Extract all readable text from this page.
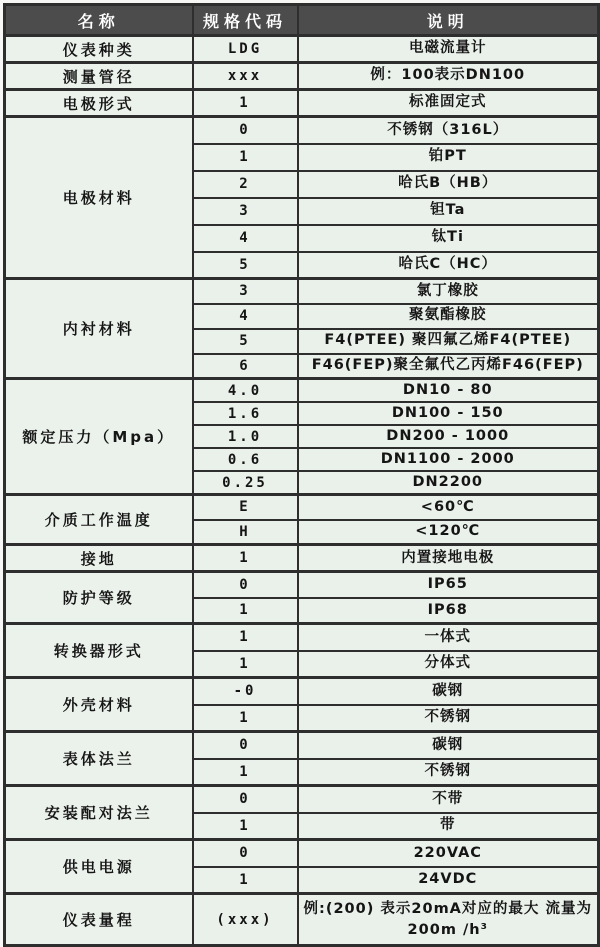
名称	规格代码	说明
仪表种类	LDG	电磁流量计
测量管径	xxx	例：100表示DN100
电极形式	1	标准固定式
电极材料	0	不锈钢（316L）
	1	铂PT
	2	哈氏B（HB）
	3	钽Ta
	4	钛Ti
	5	哈氏C（HC）
内衬材料	3	氯丁橡胶
	4	聚氨酯橡胶
	5	F4(PTEE) 聚四氟乙烯F4(PTEE)
	6	F46(FEP)聚全氟代乙丙烯F46(FEP)
额定压力（Mpa）	4.0	DN10 - 80
	1.6	DN100 - 150
	1.0	DN200 - 1000
	0.6	DN1100 - 2000
	0.25	DN2200
介质工作温度	E	<60℃
	H	<120℃
接地	1	内置接地电极
防护等级	0	IP65
	1	IP68
转换器形式	1	一体式
	1	分体式
外壳材料	-0	碳钢
	1	不锈钢
表体法兰	0	碳钢
	1	不锈钢
安装配对法兰	0	不带
	1	带
供电电源	0	220VAC
	1	24VDC
仪表量程	(xxx)	例:(200) 表示20mA对应的最大 流量为200m /h³
